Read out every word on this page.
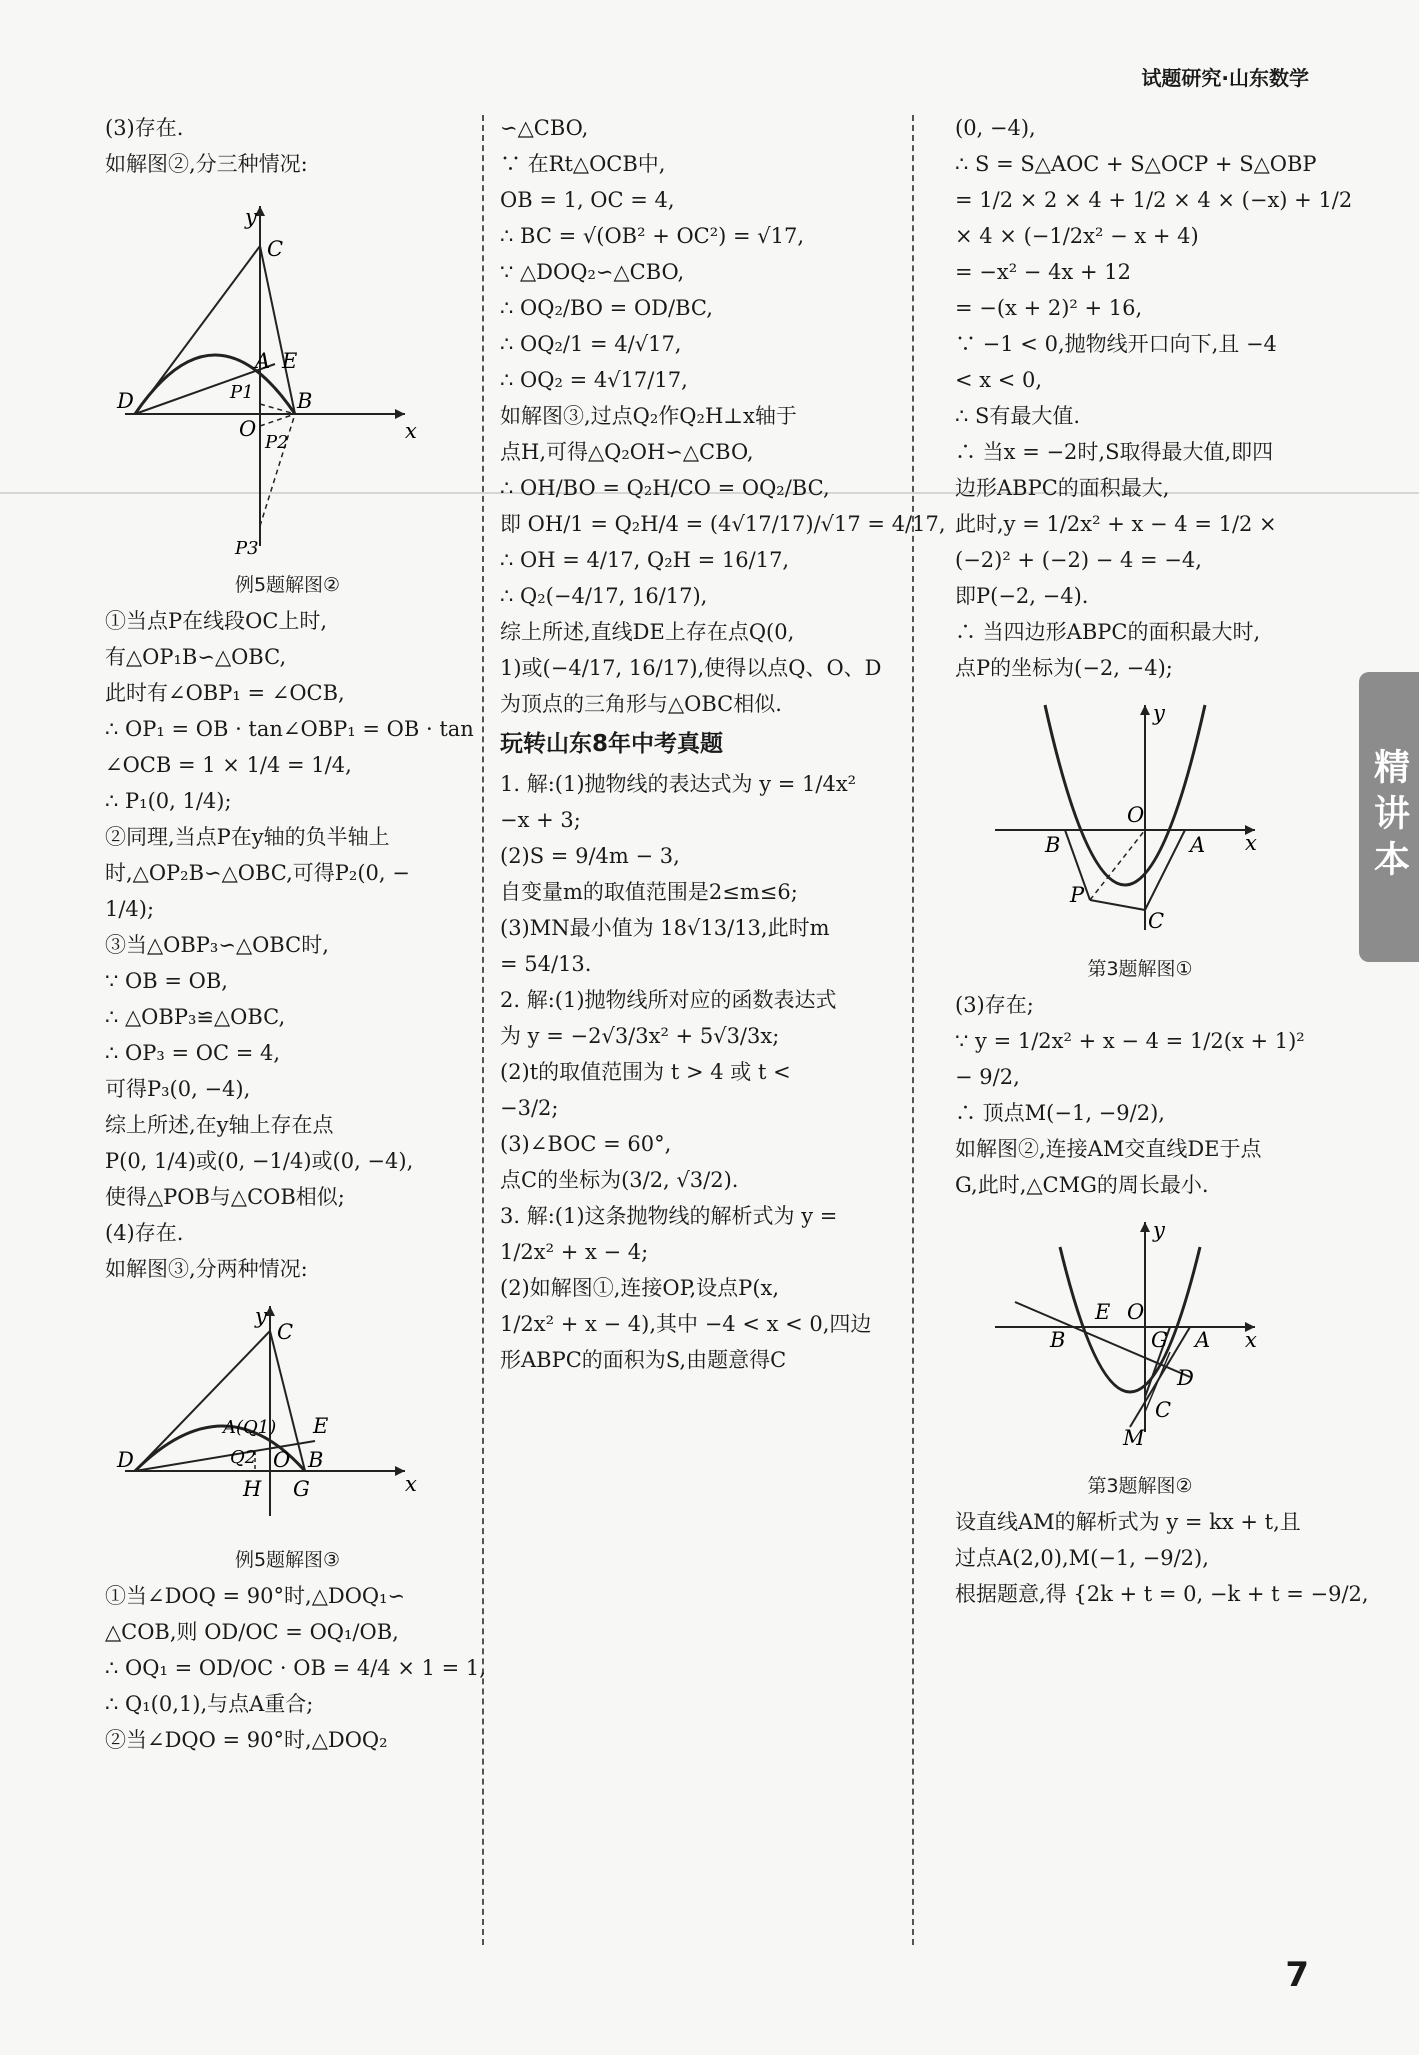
试题研究·山东数学

(3)存在.

如解图②,分三种情况:

y
x
C
A E
D	P1 B
O
P2
P3
例5题解图②

①当点P在线段OC上时,

有△OP₁B∽△OBC,

此时有∠OBP₁ = ∠OCB,

∴ OP₁ = OB · tan∠OBP₁ = OB · tan

∠OCB = 1 × 1/4 = 1/4,

∴ P₁(0, 1/4);

②同理,当点P在y轴的负半轴上

时,△OP₂B∽△OBC,可得P₂(0, −

1/4);

③当△OBP₃∽△OBC时,

∵ OB = OB,

∴ △OBP₃≌△OBC,

∴ OP₃ = OC = 4,

可得P₃(0, −4),

综上所述,在y轴上存在点

P(0, 1/4)或(0, −1/4)或(0, −4),

使得△POB与△COB相似;

(4)存在.

如解图③,分两种情况:

y
x
C
A(Q1) E
D	Q2 O B
H G
例5题解图③

①当∠DOQ = 90°时,△DOQ₁∽

△COB,则 OD/OC = OQ₁/OB,

∴ OQ₁ = OD/OC · OB = 4/4 × 1 = 1,

∴ Q₁(0,1),与点A重合;

②当∠DQO = 90°时,△DOQ₂

∽△CBO,

∵ 在Rt△OCB中,

OB = 1, OC = 4,

∴ BC = √(OB² + OC²) = √17,

∵ △DOQ₂∽△CBO,

∴ OQ₂/BO = OD/BC,

∴ OQ₂/1 = 4/√17,

∴ OQ₂ = 4√17/17,

如解图③,过点Q₂作Q₂H⊥x轴于

点H,可得△Q₂OH∽△CBO,

∴ OH/BO = Q₂H/CO = OQ₂/BC,

即 OH/1 = Q₂H/4 = (4√17/17)/√17 = 4/17,

∴ OH = 4/17, Q₂H = 16/17,

∴ Q₂(−4/17, 16/17),

综上所述,直线DE上存在点Q(0,

1)或(−4/17, 16/17),使得以点Q、O、D

为顶点的三角形与△OBC相似.

玩转山东8年中考真题

1. 解:(1)抛物线的表达式为 y = 1/4x²

−x + 3;

(2)S = 9/4m − 3,

自变量m的取值范围是2≤m≤6;

(3)MN最小值为 18√13/13,此时m

= 54/13.

2. 解:(1)抛物线所对应的函数表达式

为 y = −2√3/3x² + 5√3/3x;

(2)t的取值范围为 t > 4 或 t <

−3/2;

(3)∠BOC = 60°,

点C的坐标为(3/2, √3/2).

3. 解:(1)这条抛物线的解析式为 y =

1/2x² + x − 4;

(2)如解图①,连接OP,设点P(x,

1/2x² + x − 4),其中 −4 < x < 0,四边

形ABPC的面积为S,由题意得C

(0, −4),

∴ S = S△AOC + S△OCP + S△OBP

= 1/2 × 2 × 4 + 1/2 × 4 × (−x) + 1/2

× 4 × (−1/2x² − x + 4)

= −x² − 4x + 12

= −(x + 2)² + 16,

∵ −1 < 0,抛物线开口向下,且 −4

< x < 0,

∴ S有最大值.

∴ 当x = −2时,S取得最大值,即四

边形ABPC的面积最大,

此时,y = 1/2x² + x − 4 = 1/2 ×

(−2)² + (−2) − 4 = −4,

即P(−2, −4).

∴ 当四边形ABPC的面积最大时,

点P的坐标为(−2, −4);

y
x
O
B	A
P
C
第3题解图①

(3)存在;

∵ y = 1/2x² + x − 4 = 1/2(x + 1)²

− 9/2,

∴ 顶点M(−1, −9/2),

如解图②,连接AM交直线DE于点

G,此时,△CMG的周长最小.

y
x
E O
B	G A
D
C
M
第3题解图②

设直线AM的解析式为 y = kx + t,且

过点A(2,0),M(−1, −9/2),

根据题意,得 {2k + t = 0, −k + t = −9/2,

精讲本
7
